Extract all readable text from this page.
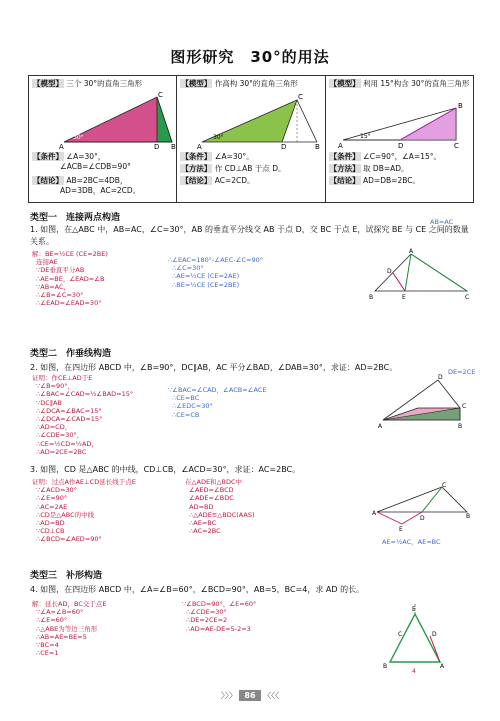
图形研究　30°的用法
【模型】 三个 30°的直角三角形
A	D B
C
30°
【条件】 ∠A=30°，
∠ACB=∠CDB=90°
【结论】 AB=2BC=4DB，
AD=3DB，AC=2CD。
【模型】 作高构 30°的直角三角形
A	D	B
C
30°
【条件】 ∠A=30°。
【方法】 作 CD⊥AB 于点 D。
【结论】 AC=2CD。
【模型】 利用 15°构含 30°的直角三角形
A	D	C
B
15°
【条件】 ∠C=90°，∠A=15°。
【方法】 取 DB=AD。
【结论】 AD=DB=2BC。
类型一　连接两点构造
1. 如图，在△ABC 中，AB=AC，∠C=30°，AB 的垂直平分线交 AB 于点 D，交 BC 于点 E，试探究 BE 与 CE 之间的数量关系。
AB=AC
解：BE=½CE (CE=2BE)
连接AE
∵DE垂直平分AB
∴AE=BE，∠EAD=∠B
∵AB=AC，
∴∠B=∠C=30°
∴∠EAD=∠EAD=30°
∴∠EAC=180°-∠AEC-∠C=90°
∴∠C=30°
∴AE=½CE (CE=2AE)
∴BE=½CE (CE=2BE)
A
B	C
D
E
类型二　作垂线构造
2. 如图，在四边形 ABCD 中，∠B=90°，DC∥AB，AC 平分∠BAD，∠DAB=30°，求证：AD=2BC。
证明：作CE⊥AD于E
∵∠B=90°，
∴∠BAC=∠CAD=½∠BAD=15°
∵DC∥AB
∴∠DCA=∠BAC=15°
∴∠DCA=∠CAD=15°
∴AD=CD，
∴∠CDE=30°，
∴CE=½CD=½AD，
∴AD=2CE=2BC
∵∠BAC=∠CAD，∠ACB=∠ACE
∴CE=BC
∴∠EDC=30°
∴CE=CB
DE=2CE
A	B
C
D
3. 如图，CD 是△ABC 的中线，CD⊥CB，∠ACD=30°，求证：AC=2BC。
证明：过点A作AE⊥CD延长线于点E
∵∠ACD=30°
∴∠E=90°
∴AC=2AE
∴CD是△ABC的中线
∴AD=BD
∵CD⊥CB
∴∠BCD=∠AED=90°
在△ADE和△BDC中
∠AED=∠BCD
∠ADE=∠BDC
AD=BD
∴△ADE≌△BDC(AAS)
∴AE=BC
∴AC=2BC
AE=½AC，AE=BC
A	B
C
D
E
类型三　补形构造
4. 如图，在四边形 ABCD 中，∠A=∠B=60°，∠BCD=90°，AB=5，BC=4，求 AD 的长。
解：延长AD，BC交于点E
∵∠A=∠B=60°
∴∠E=60°
∴△ABE为等边三角形
∴AB=AE=BE=5
∵BC=4
∴CE=1
∵∠BCD=90°，∠E=60°
∴∠CDE=30°
∴DE=2CE=2
∴AD=AE-DE=5-2=3
E
B	A
D
C
4
〉〉〉 86 〈〈〈
